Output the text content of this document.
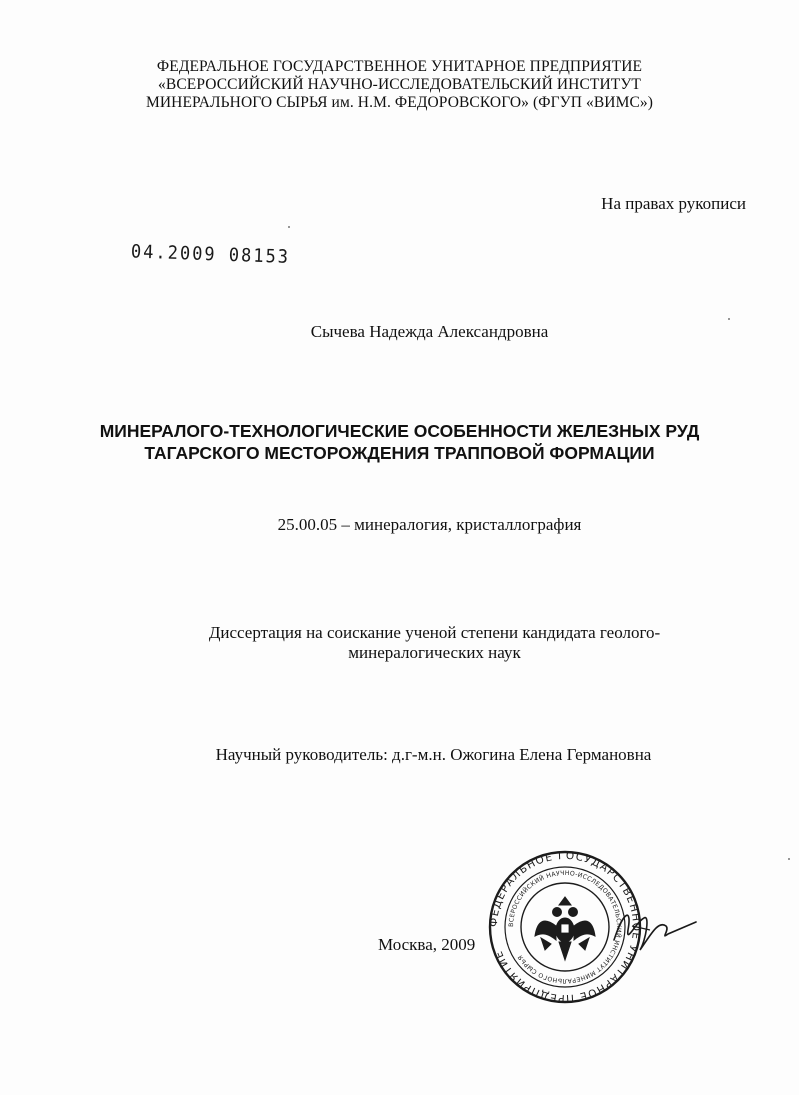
ФЕДЕРАЛЬНОЕ ГОСУДАРСТВЕННОЕ УНИТАРНОЕ ПРЕДПРИЯТИЕ
«ВСЕРОССИЙСКИЙ НАУЧНО-ИССЛЕДОВАТЕЛЬСКИЙ ИНСТИТУТ
МИНЕРАЛЬНОГО СЫРЬЯ им. Н.М. ФЕДОРОВСКОГО» (ФГУП «ВИМС»)
На правах рукописи
04.2009 08153
Сычева Надежда Александровна
МИНЕРАЛОГО-ТЕХНОЛОГИЧЕСКИЕ ОСОБЕННОСТИ ЖЕЛЕЗНЫХ РУД
ТАГАРСКОГО МЕСТОРОЖДЕНИЯ ТРАППОВОЙ ФОРМАЦИИ
25.00.05 – минералогия, кристаллография
Диссертация на соискание ученой степени кандидата геолого-
минералогических наук
Научный руководитель: д.г-м.н. Ожогина Елена Германовна
Москва, 2009
ФЕДЕРАЛЬНОЕ ГОСУДАРСТВЕННОЕ УНИТАРНОЕ ПРЕДПРИЯТИЕ
ВСЕРОССИЙСКИЙ НАУЧНО-ИССЛЕДОВАТЕЛЬСКИЙ ИНСТИТУТ МИНЕРАЛЬНОГО СЫРЬЯ
